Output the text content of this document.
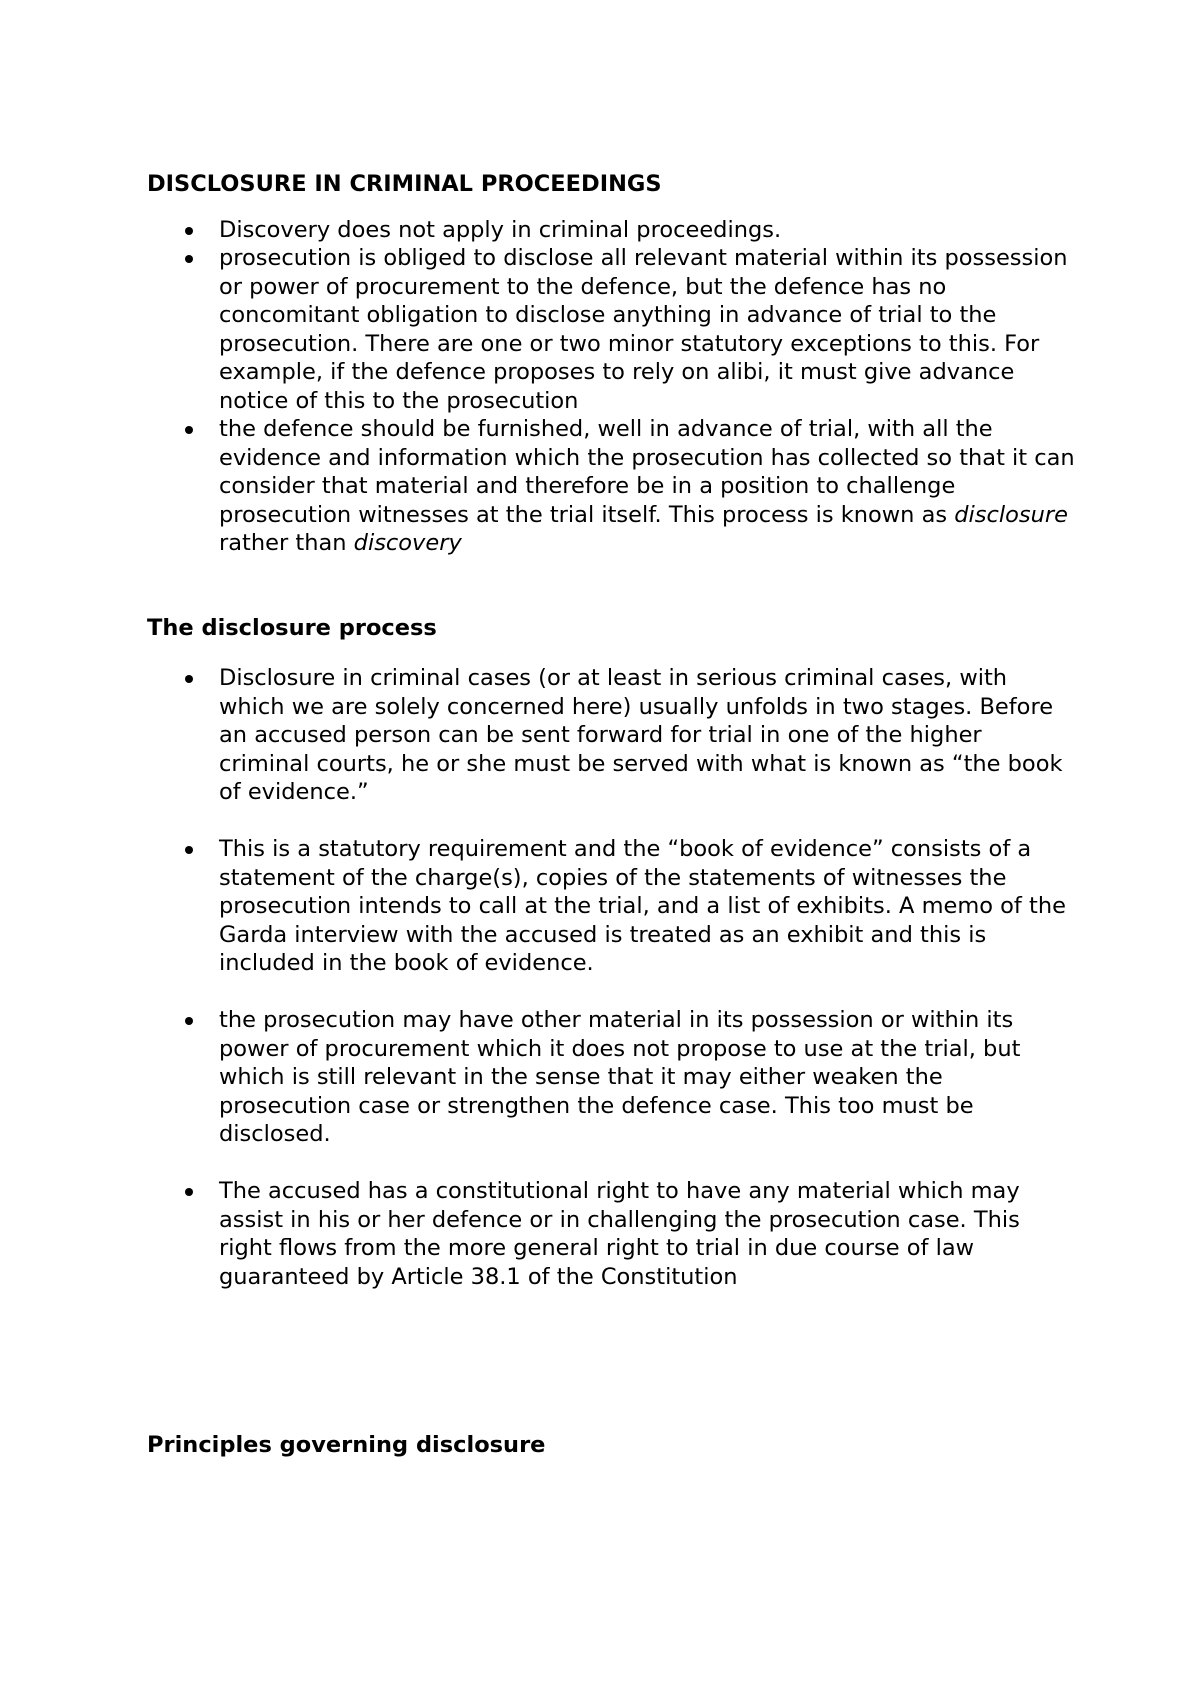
DISCLOSURE IN CRIMINAL PROCEEDINGS

Discovery does not apply in criminal proceedings.
prosecution is obliged to disclose all relevant material within its possession or power of procurement to the defence, but the defence has no concomitant obligation to disclose anything in advance of trial to the prosecution. There are one or two minor statutory exceptions to this. For example, if the defence proposes to rely on alibi, it must give advance notice of this to the prosecution
the defence should be furnished, well in advance of trial, with all the evidence and information which the prosecution has collected so that it can consider that material and therefore be in a position to challenge prosecution witnesses at the trial itself. This process is known as disclosure rather than discovery

The disclosure process

Disclosure in criminal cases (or at least in serious criminal cases, with which we are solely concerned here) usually unfolds in two stages. Before an accused person can be sent forward for trial in one of the higher criminal courts, he or she must be served with what is known as “the book of evidence.”
This is a statutory requirement and the “book of evidence” consists of a statement of the charge(s), copies of the statements of witnesses the prosecution intends to call at the trial, and a list of exhibits. A memo of the Garda interview with the accused is treated as an exhibit and this is included in the book of evidence.
the prosecution may have other material in its possession or within its power of procurement which it does not propose to use at the trial, but which is still relevant in the sense that it may either weaken the prosecution case or strengthen the defence case. This too must be disclosed.
The accused has a constitutional right to have any material which may assist in his or her defence or in challenging the prosecution case. This right flows from the more general right to trial in due course of law guaranteed by Article 38.1 of the Constitution

Principles governing disclosure
